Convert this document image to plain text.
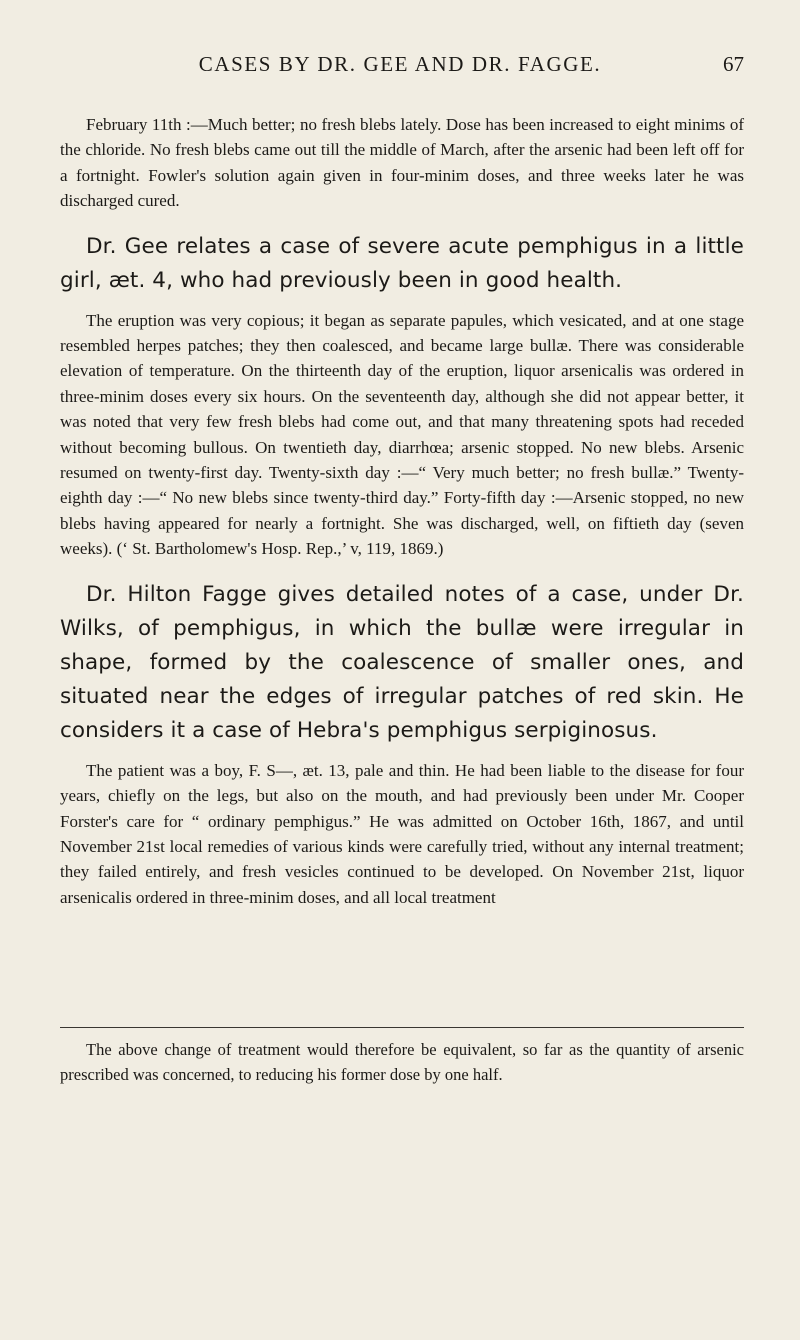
CASES BY DR. GEE AND DR. FAGGE.	67

February 11th :—Much better; no fresh blebs lately. Dose has been increased to eight minims of the chloride. No fresh blebs came out till the middle of March, after the arsenic had been left off for a fortnight. Fowler's solution again given in four-minim doses, and three weeks later he was discharged cured.

Dr. Gee relates a case of severe acute pemphigus in a little girl, æt. 4, who had previously been in good health.

The eruption was very copious; it began as separate papules, which vesicated, and at one stage resembled herpes patches; they then coalesced, and became large bullæ. There was considerable elevation of temperature. On the thirteenth day of the eruption, liquor arsenicalis was ordered in three-minim doses every six hours. On the seventeenth day, although she did not appear better, it was noted that very few fresh blebs had come out, and that many threatening spots had receded without becoming bullous. On twentieth day, diarrhœa; arsenic stopped. No new blebs. Arsenic resumed on twenty-first day. Twenty-sixth day :—“ Very much better; no fresh bullæ.” Twenty-eighth day :—“ No new blebs since twenty-third day.” Forty-fifth day :—Arsenic stopped, no new blebs having appeared for nearly a fortnight. She was discharged, well, on fiftieth day (seven weeks). (‘ St. Bartholomew's Hosp. Rep.,’ v, 119, 1869.)

Dr. Hilton Fagge gives detailed notes of a case, under Dr. Wilks, of pemphigus, in which the bullæ were irregular in shape, formed by the coalescence of smaller ones, and situated near the edges of irregular patches of red skin. He considers it a case of Hebra's pemphigus serpiginosus.

The patient was a boy, F. S—, æt. 13, pale and thin. He had been liable to the disease for four years, chiefly on the legs, but also on the mouth, and had previously been under Mr. Cooper Forster's care for “ ordinary pemphigus.” He was admitted on October 16th, 1867, and until November 21st local remedies of various kinds were carefully tried, without any internal treatment; they failed entirely, and fresh vesicles continued to be developed. On November 21st, liquor arsenicalis ordered in three-minim doses, and all local treatment

The above change of treatment would therefore be equivalent, so far as the quantity of arsenic prescribed was concerned, to reducing his former dose by one half.
